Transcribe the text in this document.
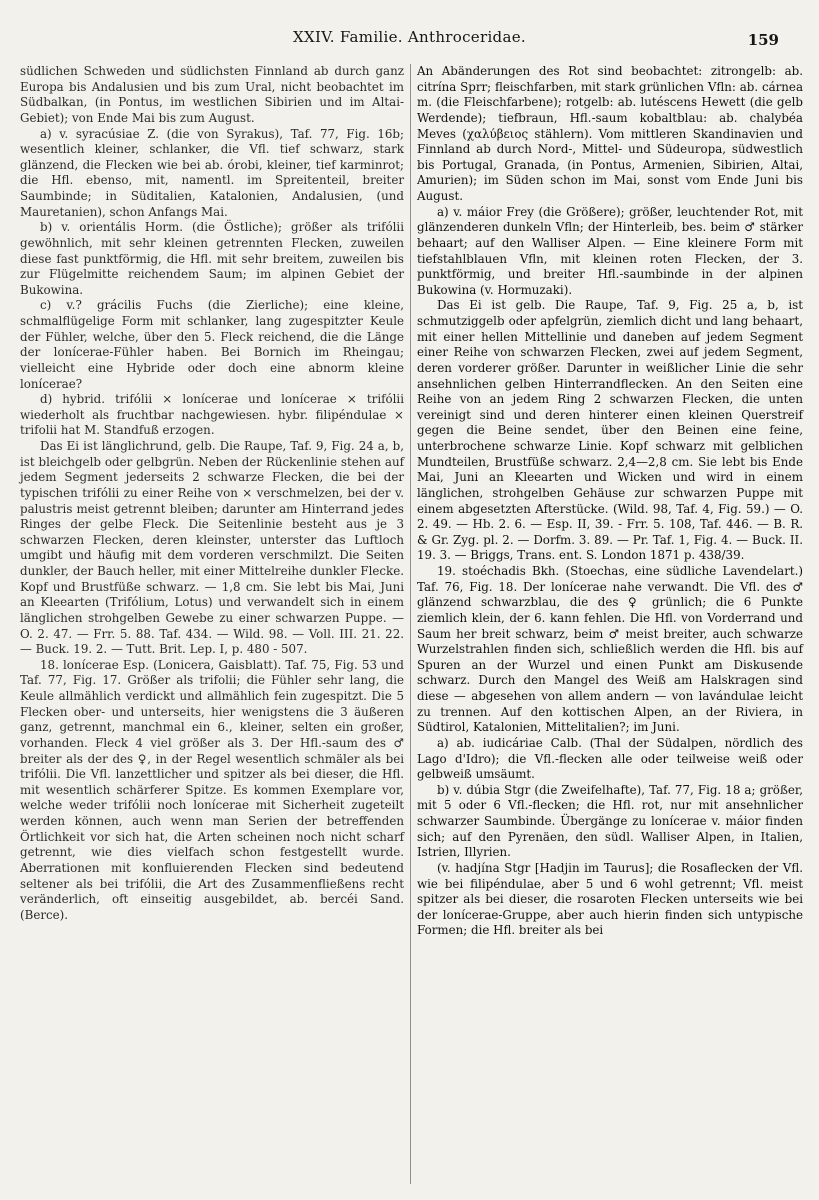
XXIV. Familie. Anthroceridae.	159

südlichen Schweden und südlichsten Finnland ab durch ganz Europa bis Andalusien und bis zum Ural, nicht beobachtet im Südbalkan, (in Pontus, im westlichen Sibirien und im Altai-Gebiet); von Ende Mai bis zum August.

a) v. syracúsiae Z. (die von Syrakus), Taf. 77, Fig. 16b; wesentlich kleiner, schlanker, die Vfl. tief schwarz, stark glänzend, die Flecken wie bei ab. órobi, kleiner, tief karminrot; die Hfl. ebenso, mit, namentl. im Spreitenteil, breiter Saumbinde; in Süditalien, Katalonien, Andalusien, (und Mauretanien), schon Anfangs Mai.

b) v. orientális Horm. (die Östliche); größer als trifólii gewöhnlich, mit sehr kleinen getrennten Flecken, zuweilen diese fast punktförmig, die Hfl. mit sehr breitem, zuweilen bis zur Flügelmitte reichendem Saum; im alpinen Gebiet der Bukowina.

c) v.? grácilis Fuchs (die Zierliche); eine kleine, schmalflügelige Form mit schlanker, lang zugespitzter Keule der Fühler, welche, über den 5. Fleck reichend, die die Länge der lonícerae-Fühler haben. Bei Bornich im Rheingau; vielleicht eine Hybride oder doch eine abnorm kleine lonícerae?

d) hybrid. trifólii × lonícerae und lonícerae × trifólii wiederholt als fruchtbar nachgewiesen. hybr. filipéndulae × trifolii hat M. Standfuß erzogen.

Das Ei ist länglichrund, gelb. Die Raupe, Taf. 9, Fig. 24 a, b, ist bleichgelb oder gelbgrün. Neben der Rückenlinie stehen auf jedem Segment jederseits 2 schwarze Flecken, die bei der typischen trifólii zu einer Reihe von × verschmelzen, bei der v. palustris meist getrennt bleiben; darunter am Hinterrand jedes Ringes der gelbe Fleck. Die Seitenlinie besteht aus je 3 schwarzen Flecken, deren kleinster, unterster das Luftloch umgibt und häufig mit dem vorderen verschmilzt. Die Seiten dunkler, der Bauch heller, mit einer Mittelreihe dunkler Flecke. Kopf und Brustfüße schwarz. — 1,8 cm. Sie lebt bis Mai, Juni an Kleearten (Trifólium, Lotus) und verwandelt sich in einem länglichen strohgelben Gewebe zu einer schwarzen Puppe. — O. 2. 47. — Frr. 5. 88. Taf. 434. — Wild. 98. — Voll. III. 21. 22. — Buck. 19. 2. — Tutt. Brit. Lep. I, p. 480 - 507.

18. lonícerae Esp. (Lonicera, Gaisblatt). Taf. 75, Fig. 53 und Taf. 77, Fig. 17. Größer als trifolii; die Fühler sehr lang, die Keule allmählich verdickt und allmählich fein zugespitzt. Die 5 Flecken ober- und unterseits, hier wenigstens die 3 äußeren ganz, getrennt, manchmal ein 6., kleiner, selten ein großer, vorhanden. Fleck 4 viel größer als 3. Der Hfl.-saum des ♂ breiter als der des ♀, in der Regel wesentlich schmäler als bei trifólii. Die Vfl. lanzettlicher und spitzer als bei dieser, die Hfl. mit wesentlich schärferer Spitze. Es kommen Exemplare vor, welche weder trifólii noch lonícerae mit Sicherheit zugeteilt werden können, auch wenn man Serien der betreffenden Örtlichkeit vor sich hat, die Arten scheinen noch nicht scharf getrennt, wie dies vielfach schon festgestellt wurde. Aberrationen mit konfluierenden Flecken sind bedeutend seltener als bei trifólii, die Art des Zusammenfließens recht veränderlich, oft einseitig ausgebildet, ab. bercéi Sand. (Berce).

An Abänderungen des Rot sind beobachtet: zitrongelb: ab. citrína Sprr; fleischfarben, mit stark grünlichen Vfln: ab. cárnea m. (die Fleischfarbene); rotgelb: ab. lutéscens Hewett (die gelb Werdende); tiefbraun, Hfl.-saum kobaltblau: ab. chalybéa Meves (χαλύβειος stählern). Vom mittleren Skandinavien und Finnland ab durch Nord-, Mittel- und Südeuropa, südwestlich bis Portugal, Granada, (in Pontus, Armenien, Sibirien, Altai, Amurien); im Süden schon im Mai, sonst vom Ende Juni bis August.

a) v. máior Frey (die Größere); größer, leuchtender Rot, mit glänzenderen dunkeln Vfln; der Hinterleib, bes. beim ♂ stärker behaart; auf den Walliser Alpen. — Eine kleinere Form mit tiefstahlblauen Vfln, mit kleinen roten Flecken, der 3. punktförmig, und breiter Hfl.-saumbinde in der alpinen Bukowina (v. Hormuzaki).

Das Ei ist gelb. Die Raupe, Taf. 9, Fig. 25 a, b, ist schmutziggelb oder apfelgrün, ziemlich dicht und lang behaart, mit einer hellen Mittellinie und daneben auf jedem Segment einer Reihe von schwarzen Flecken, zwei auf jedem Segment, deren vorderer größer. Darunter in weißlicher Linie die sehr ansehnlichen gelben Hinterrandflecken. An den Seiten eine Reihe von an jedem Ring 2 schwarzen Flecken, die unten vereinigt sind und deren hinterer einen kleinen Querstreif gegen die Beine sendet, über den Beinen eine feine, unterbrochene schwarze Linie. Kopf schwarz mit gelblichen Mundteilen, Brustfüße schwarz. 2,4—2,8 cm. Sie lebt bis Ende Mai, Juni an Kleearten und Wicken und wird in einem länglichen, strohgelben Gehäuse zur schwarzen Puppe mit einem abgesetzten Afterstücke. (Wild. 98, Taf. 4, Fig. 59.) — O. 2. 49. — Hb. 2. 6. — Esp. II, 39. - Frr. 5. 108, Taf. 446. — B. R. & Gr. Zyg. pl. 2. — Dorfm. 3. 89. — Pr. Taf. 1, Fig. 4. — Buck. II. 19. 3. — Briggs, Trans. ent. S. London 1871 p. 438/39.

19. stoéchadis Bkh. (Stoechas, eine südliche Lavendelart.) Taf. 76, Fig. 18. Der lonícerae nahe verwandt. Die Vfl. des ♂ glänzend schwarzblau, die des ♀ grünlich; die 6 Punkte ziemlich klein, der 6. kann fehlen. Die Hfl. von Vorderrand und Saum her breit schwarz, beim ♂ meist breiter, auch schwarze Wurzelstrahlen finden sich, schließlich werden die Hfl. bis auf Spuren an der Wurzel und einen Punkt am Diskusende schwarz. Durch den Mangel des Weiß am Halskragen sind diese — abgesehen von allem andern — von lavándulae leicht zu trennen. Auf den kottischen Alpen, an der Riviera, in Südtirol, Katalonien, Mittelitalien?; im Juni.

a) ab. iudicáriae Calb. (Thal der Südalpen, nördlich des Lago d'Idro); die Vfl.-flecken alle oder teilweise weiß oder gelbweiß umsäumt.

b) v. dúbia Stgr (die Zweifelhafte), Taf. 77, Fig. 18 a; größer, mit 5 oder 6 Vfl.-flecken; die Hfl. rot, nur mit ansehnlicher schwarzer Saumbinde. Übergänge zu lonícerae v. máior finden sich; auf den Pyrenäen, den südl. Walliser Alpen, in Italien, Istrien, Illyrien.

(v. hadjína Stgr [Hadjin im Taurus]; die Rosaflecken der Vfl. wie bei filipéndulae, aber 5 und 6 wohl getrennt; Vfl. meist spitzer als bei dieser, die rosaroten Flecken unterseits wie bei der lonícerae-Gruppe, aber auch hierin finden sich untypische Formen; die Hfl. breiter als bei
